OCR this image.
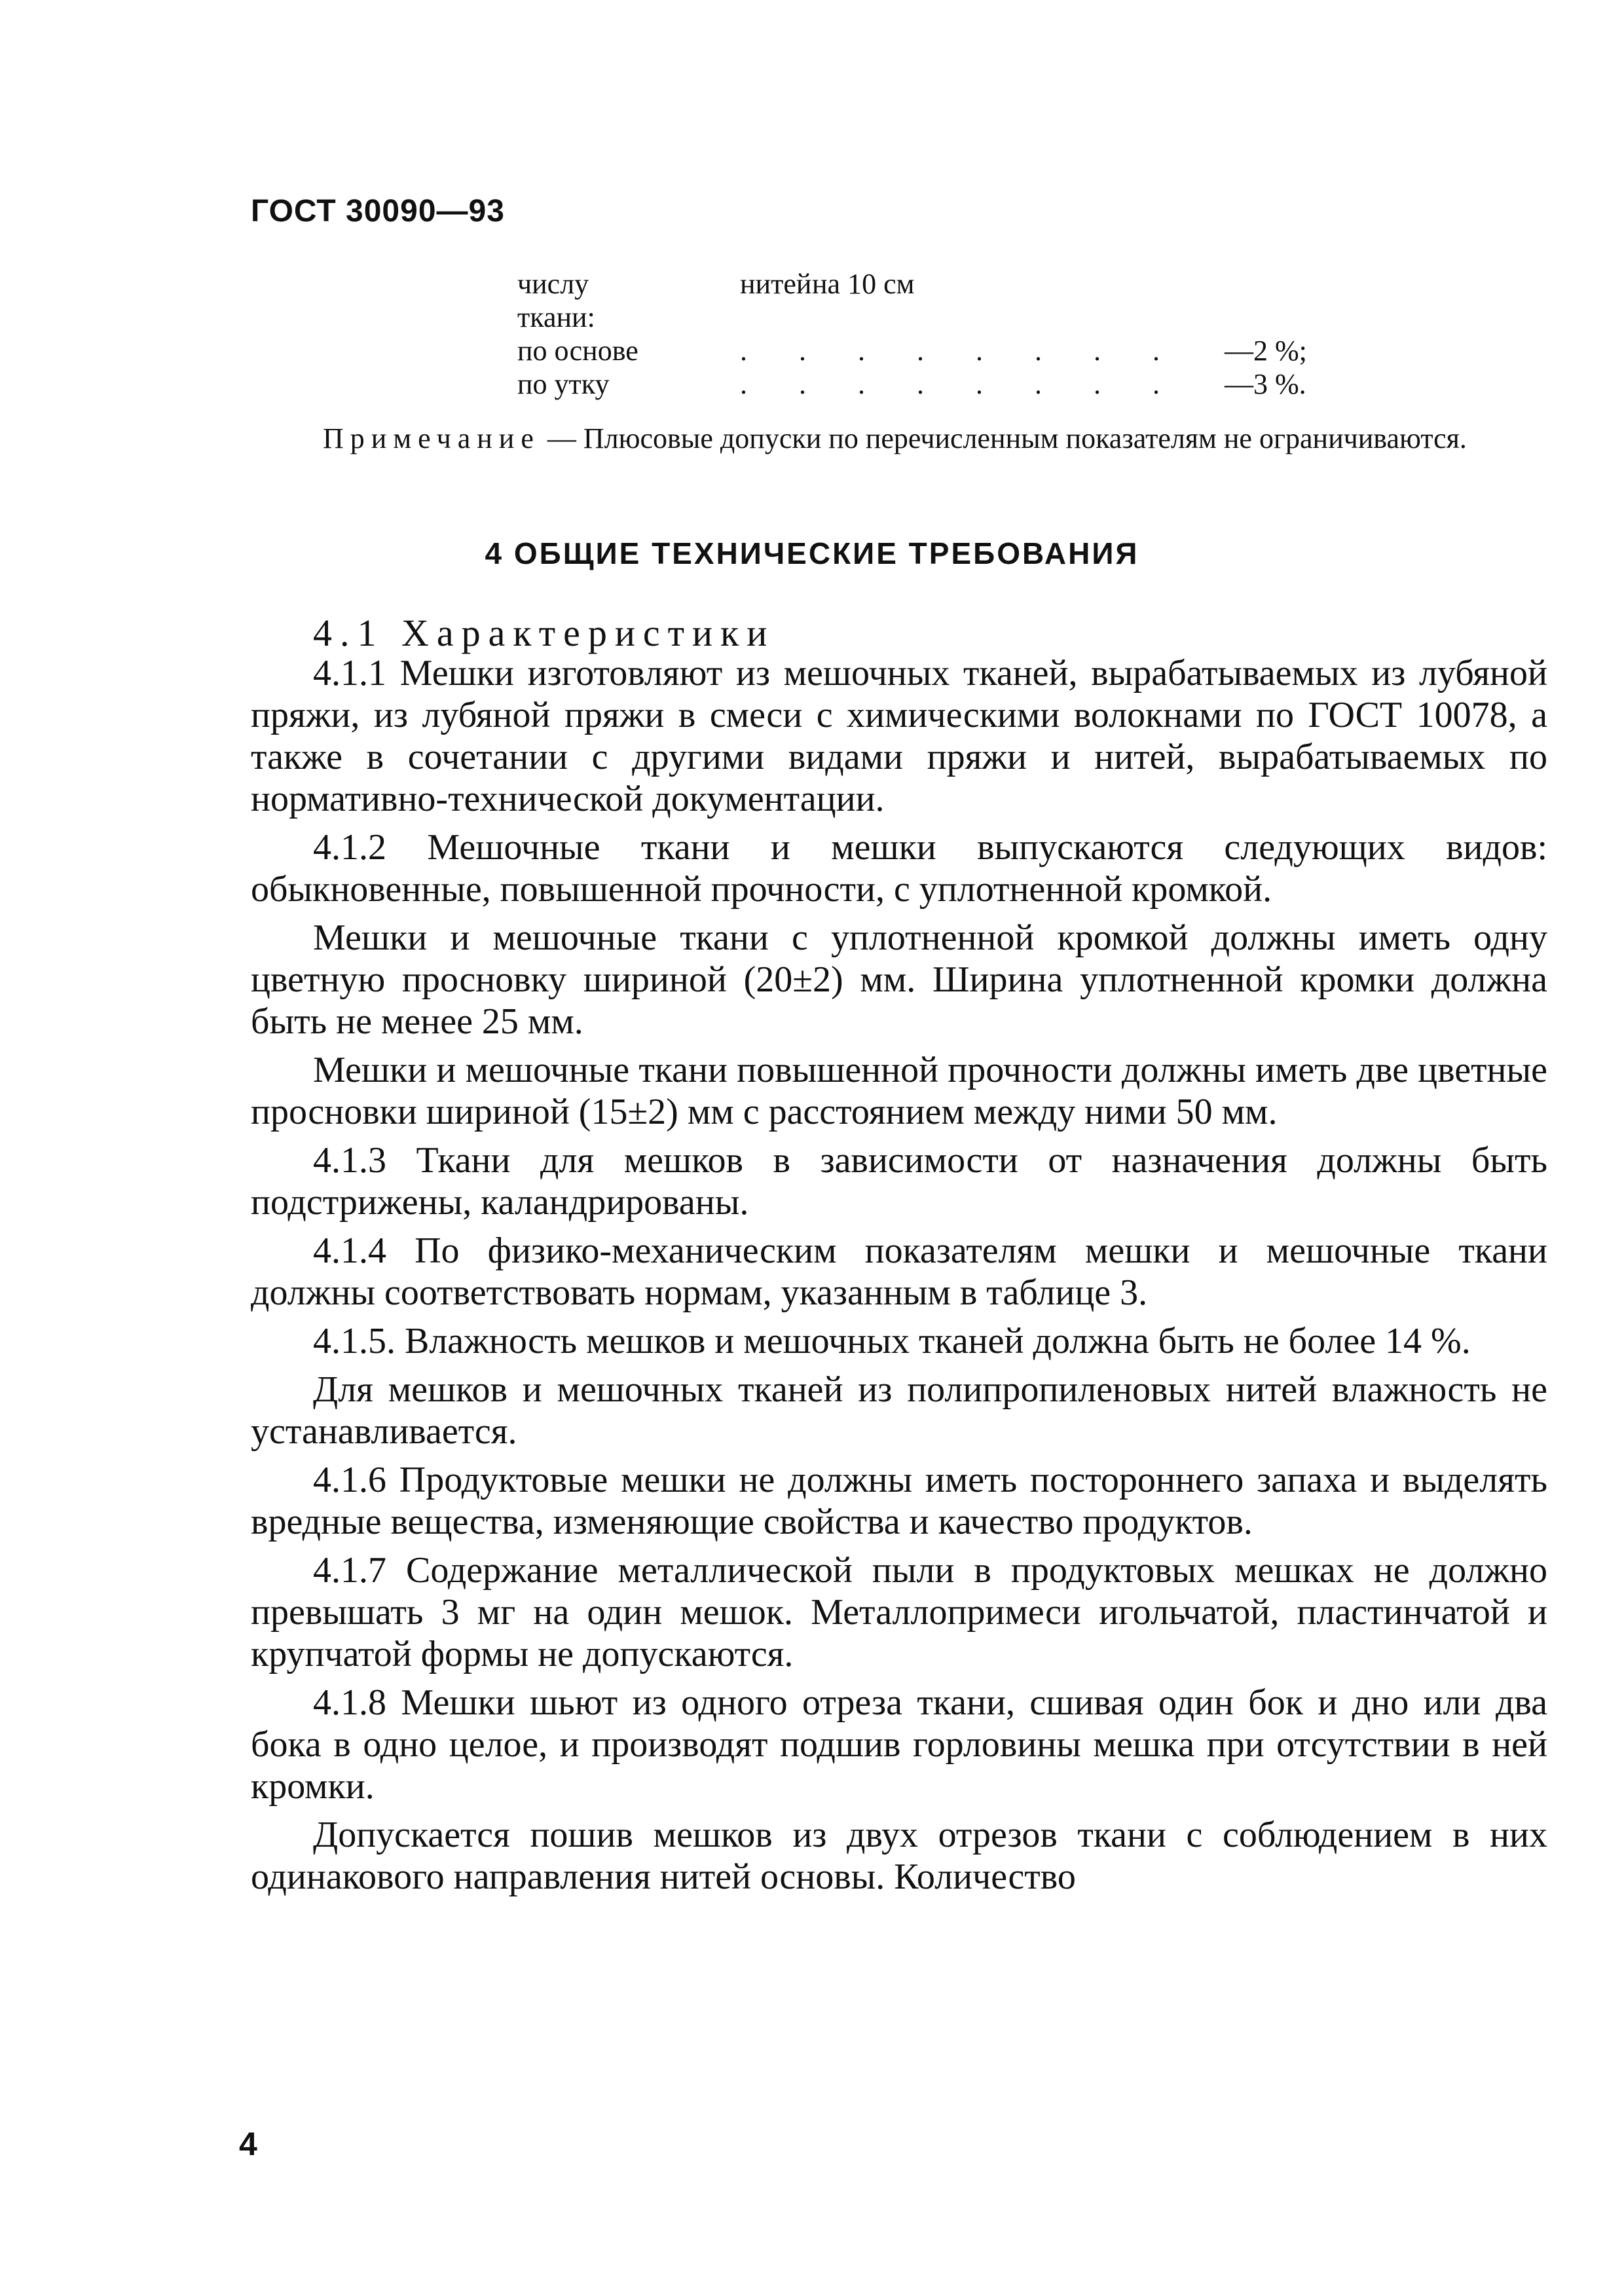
ГОСТ 30090—93
числу	нитей на 10 см
ткани:
по основе	. . . . . . . . —2 %;
по утку	. . . . . . . . —3 %.
Примечание — Плюсовые допуски по перечисленным показателям не ограничиваются.
4 ОБЩИЕ ТЕХНИЧЕСКИЕ ТРЕБОВАНИЯ
4.1 Характеристики

4.1.1 Мешки изготовляют из мешочных тканей, вырабатываемых из лубяной пряжи, из лубяной пряжи в смеси с химическими волокнами по ГОСТ 10078, а также в сочетании с другими видами пряжи и нитей, вырабатываемых по нормативно-технической документации.

4.1.2 Мешочные ткани и мешки выпускаются следующих видов: обыкновенные, повышенной прочности, с уплотненной кромкой.

Мешки и мешочные ткани с уплотненной кромкой должны иметь одну цветную просновку шириной (20±2) мм. Ширина уплотненной кромки должна быть не менее 25 мм.

Мешки и мешочные ткани повышенной прочности должны иметь две цветные просновки шириной (15±2) мм с расстоянием между ними 50 мм.

4.1.3 Ткани для мешков в зависимости от назначения должны быть подстрижены, каландрированы.

4.1.4 По физико-механическим показателям мешки и мешочные ткани должны соответствовать нормам, указанным в таблице 3.

4.1.5. Влажность мешков и мешочных тканей должна быть не более 14 %.

Для мешков и мешочных тканей из полипропиленовых нитей влажность не устанавливается.

4.1.6 Продуктовые мешки не должны иметь постороннего запаха и выделять вредные вещества, изменяющие свойства и качество продуктов.

4.1.7 Содержание металлической пыли в продуктовых мешках не должно превышать 3 мг на один мешок. Металлопримеси игольчатой, пластинчатой и крупчатой формы не допускаются.

4.1.8 Мешки шьют из одного отреза ткани, сшивая один бок и дно или два бока в одно целое, и производят подшив горловины мешка при отсутствии в ней кромки.

Допускается пошив мешков из двух отрезов ткани с соблюдением в них одинакового направления нитей основы. Количество

4
